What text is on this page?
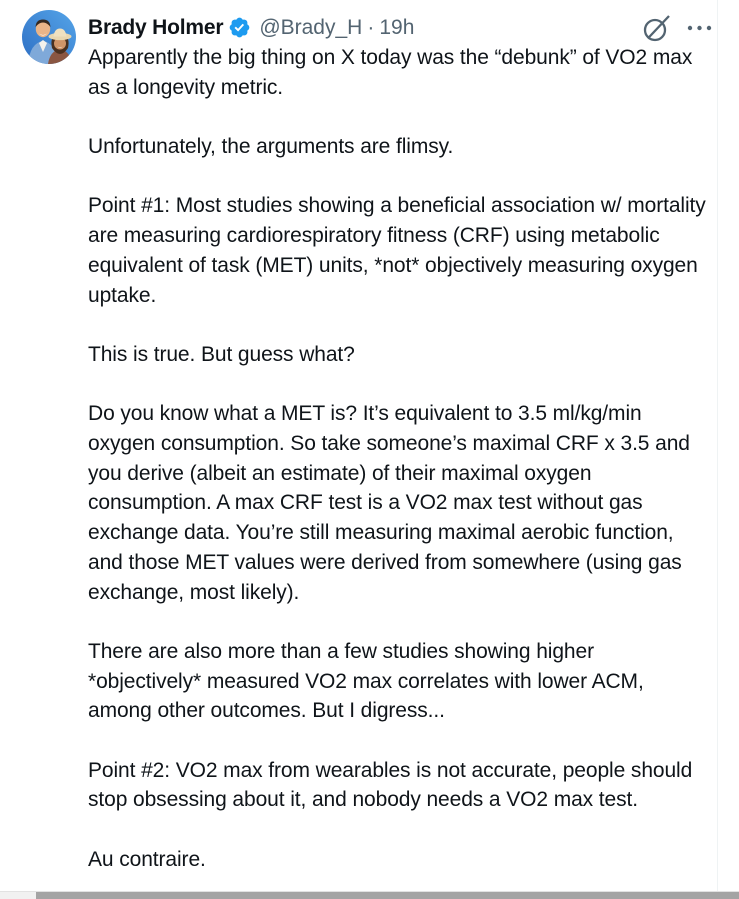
Brady Holmer @Brady_H · 19h

Apparently the big thing on X today was the “debunk” of VO2 max as a longevity metric.

Unfortunately, the arguments are flimsy.

Point #1: Most studies showing a beneficial association w/ mortality are measuring cardiorespiratory fitness (CRF) using metabolic equivalent of task (MET) units, *not* objectively measuring oxygen uptake.

This is true. But guess what?

Do you know what a MET is? It’s equivalent to 3.5 ml/kg/min oxygen consumption. So take someone’s maximal CRF x 3.5 and you derive (albeit an estimate) of their maximal oxygen consumption. A max CRF test is a VO2 max test without gas exchange data. You’re still measuring maximal aerobic function, and those MET values were derived from somewhere (using gas exchange, most likely).

There are also more than a few studies showing higher *objectively* measured VO2 max correlates with lower ACM, among other outcomes. But I digress...

Point #2: VO2 max from wearables is not accurate, people should stop obsessing about it, and nobody needs a VO2 max test.

Au contraire.
